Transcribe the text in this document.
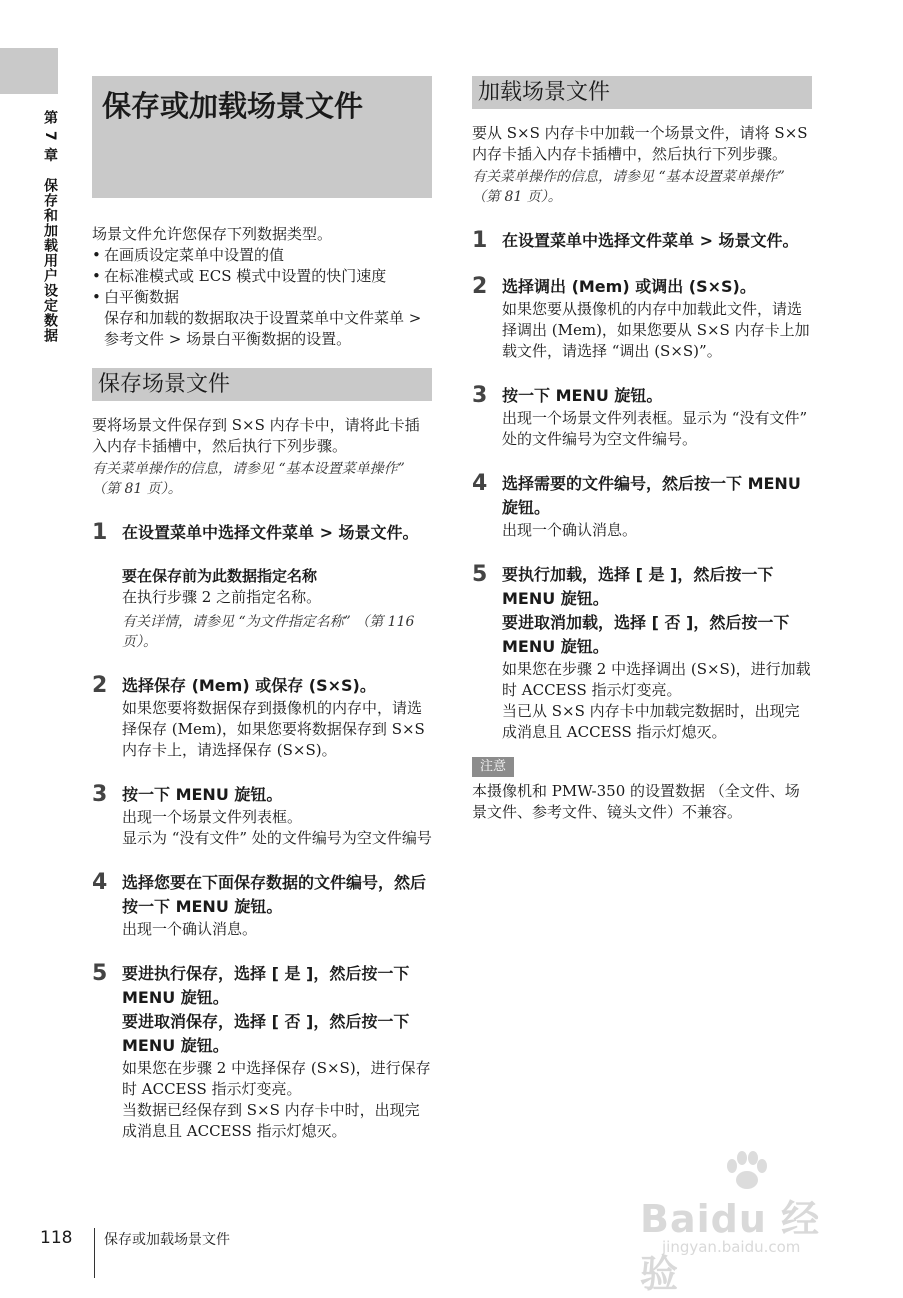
第 7 章 保存和加载用户设定数据
保存或加载场景文件

场景文件允许您保存下列数据类型。

• 在画质设定菜单中设置的值
• 在标准模式或 ECS 模式中设置的快门速度
• 白平衡数据

保存和加载的数据取决于设置菜单中文件菜单 > 参考文件 > 场景白平衡数据的设置。

保存场景文件

要将场景文件保存到 S×S 内存卡中，请将此卡插入内存卡插槽中，然后执行下列步骤。

有关菜单操作的信息，请参见 “基本设置菜单操作” （第 81 页）。

1 在设置菜单中选择文件菜单 > 场景文件。

要在保存前为此数据指定名称

在执行步骤 2 之前指定名称。

有关详情，请参见 “为文件指定名称” （第 116 页）。

2 选择保存 (Mem) 或保存 (S×S)。

如果您要将数据保存到摄像机的内存中，请选择保存 (Mem)，如果您要将数据保存到 S×S 内存卡上，请选择保存 (S×S)。

3 按一下 MENU 旋钮。

出现一个场景文件列表框。

显示为 “没有文件” 处的文件编号为空文件编号

4 选择您要在下面保存数据的文件编号，然后按一下 MENU 旋钮。

出现一个确认消息。

5 要进执行保存，选择 [ 是 ]，然后按一下 MENU 旋钮。

要进取消保存，选择 [ 否 ]，然后按一下 MENU 旋钮。

如果您在步骤 2 中选择保存 (S×S)，进行保存时 ACCESS 指示灯变亮。

当数据已经保存到 S×S 内存卡中时，出现完成消息且 ACCESS 指示灯熄灭。

加载场景文件

要从 S×S 内存卡中加载一个场景文件，请将 S×S 内存卡插入内存卡插槽中，然后执行下列步骤。

有关菜单操作的信息，请参见 “基本设置菜单操作” （第 81 页）。

1 在设置菜单中选择文件菜单 > 场景文件。

2 选择调出 (Mem) 或调出 (S×S)。

如果您要从摄像机的内存中加载此文件，请选择调出 (Mem)，如果您要从 S×S 内存卡上加载文件，请选择 “调出 (S×S)”。

3 按一下 MENU 旋钮。

出现一个场景文件列表框。显示为 “没有文件” 处的文件编号为空文件编号。

4 选择需要的文件编号，然后按一下 MENU 旋钮。

出现一个确认消息。

5 要执行加载，选择 [ 是 ]，然后按一下 MENU 旋钮。

要进取消加载，选择 [ 否 ]，然后按一下 MENU 旋钮。

如果您在步骤 2 中选择调出 (S×S)，进行加载时 ACCESS 指示灯变亮。

当已从 S×S 内存卡中加载完数据时，出现完成消息且 ACCESS 指示灯熄灭。

注意

本摄像机和 PMW-350 的设置数据 （全文件、场景文件、参考文件、镜头文件）不兼容。

118 保存或加载场景文件	Baidu 经验
jingyan.baidu.com
